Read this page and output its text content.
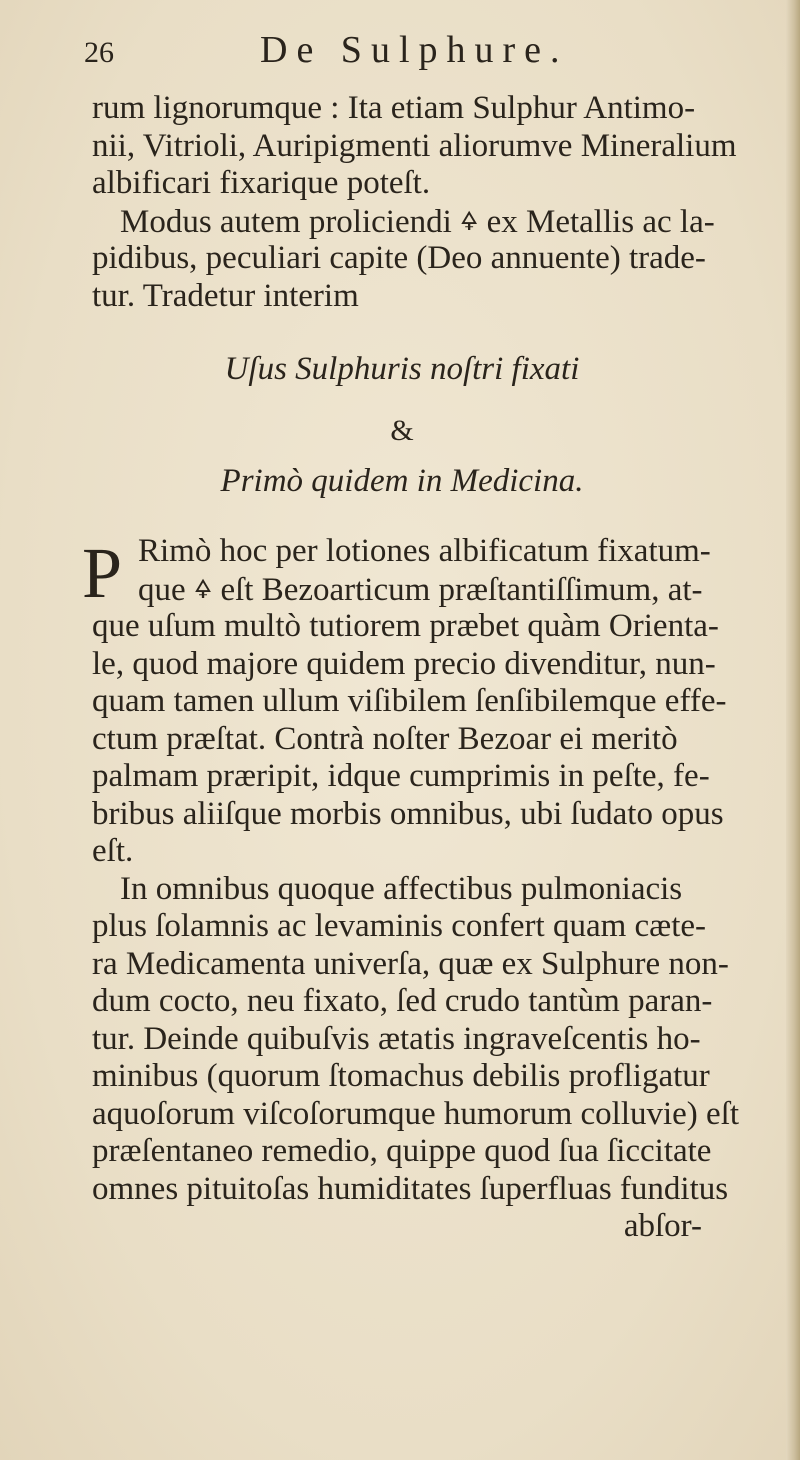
26	De Sulphure.
rum lignorumque : Ita etiam Sulphur Antimo-
nii, Vitrioli, Auripigmenti aliorumve Mineralium
albificari fixarique poteſt.
Modus autem proliciendi 🜍 ex Metallis ac la-
pidibus, peculiari capite (Deo annuente) trade-
tur. Tradetur interim
Uſus Sulphuris noſtri fixati
&
Primò quidem in Medicina.
P Rimò hoc per lotiones albificatum fixatum-
que 🜍 eſt Bezoarticum præſtantiſſimum, at-
que uſum multò tutiorem præbet quàm Orienta-
le, quod majore quidem precio divenditur, nun-
quam tamen ullum viſibilem ſenſibilemque effe-
ctum præſtat. Contrà noſter Bezoar ei meritò
palmam præripit, idque cumprimis in peſte, fe-
bribus aliiſque morbis omnibus, ubi ſudato opus
eſt.
In omnibus quoque affectibus pulmoniacis
plus ſolamnis ac levaminis confert quam cæte-
ra Medicamenta univerſa, quæ ex Sulphure non-
dum cocto, neu fixato, ſed crudo tantùm paran-
tur. Deinde quibuſvis ætatis ingraveſcentis ho-
minibus (quorum ſtomachus debilis profligatur
aquoſorum viſcoſorumque humorum colluvie) eſt
præſentaneo remedio, quippe quod ſua ſiccitate
omnes pituitoſas humiditates ſuperfluas funditus
abſor-
